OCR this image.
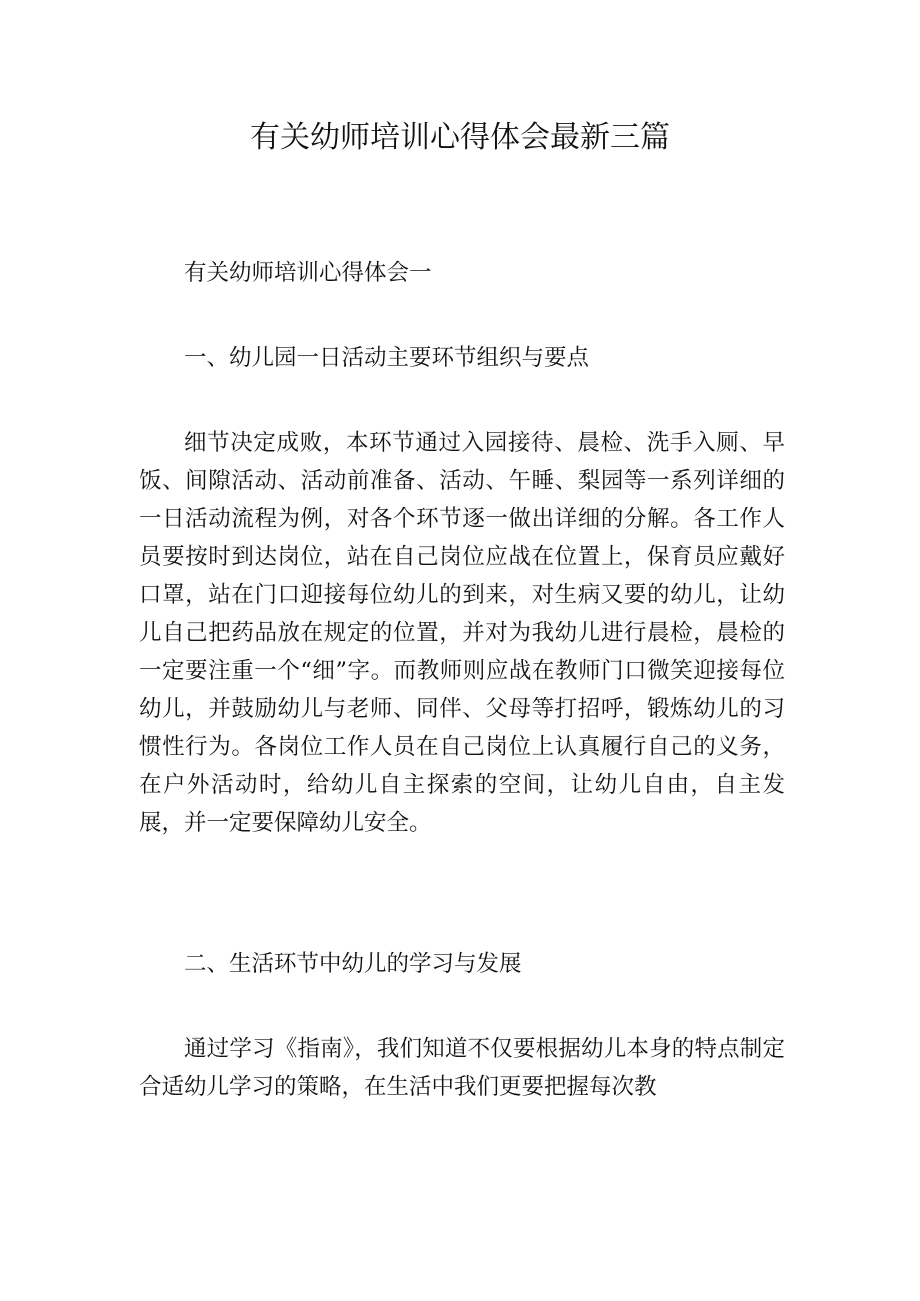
有关幼师培训心得体会最新三篇
有关幼师培训心得体会一
一、幼儿园一日活动主要环节组织与要点
细节决定成败，本环节通过入园接待、晨检、洗手入厕、早饭、间隙活动、活动前准备、活动、午睡、梨园等一系列详细的一日活动流程为例，对各个环节逐一做出详细的分解。各工作人员要按时到达岗位，站在自己岗位应战在位置上，保育员应戴好口罩，站在门口迎接每位幼儿的到来，对生病又要的幼儿，让幼儿自己把药品放在规定的位置，并对为我幼儿进行晨检，晨检的一定要注重一个“细”字。而教师则应战在教师门口微笑迎接每位幼儿，并鼓励幼儿与老师、同伴、父母等打招呼，锻炼幼儿的习惯性行为。各岗位工作人员在自己岗位上认真履行自己的义务，在户外活动时，给幼儿自主探索的空间，让幼儿自由，自主发展，并一定要保障幼儿安全。
二、生活环节中幼儿的学习与发展
通过学习《指南》，我们知道不仅要根据幼儿本身的特点制定合适幼儿学习的策略，在生活中我们更要把握每次教
